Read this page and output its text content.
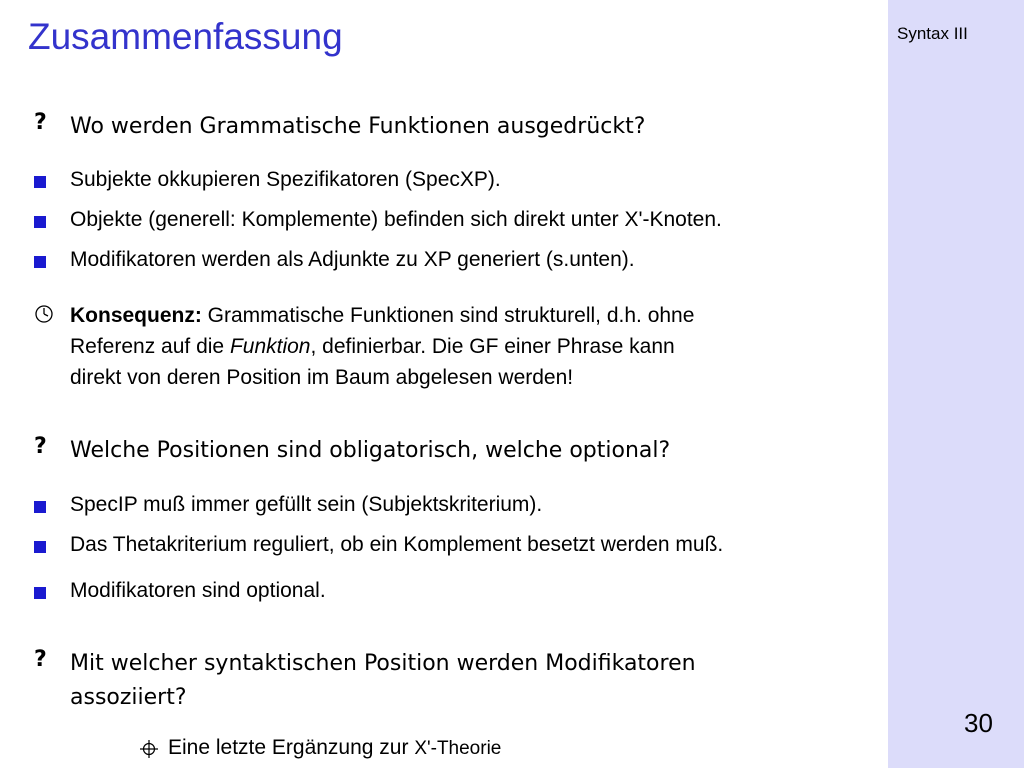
Syntax III
30
Zusammenfassung
? Wo werden Grammatische Funktionen ausgedrückt?
Subjekte okkupieren Spezifikatoren (SpecXP).
Objekte (generell: Komplemente) befinden sich direkt unter X'-Knoten.
Modifikatoren werden als Adjunkte zu XP generiert (s.unten).
Konsequenz: Grammatische Funktionen sind strukturell, d.h. ohne
Referenz auf die Funktion, definierbar. Die GF einer Phrase kann
direkt von deren Position im Baum abgelesen werden!
? Welche Positionen sind obligatorisch, welche optional?
SpecIP muß immer gefüllt sein (Subjektskriterium).
Das Thetakriterium reguliert, ob ein Komplement besetzt werden muß.
Modifikatoren sind optional.
? Mit welcher syntaktischen Position werden Modifikatoren
assoziiert?
Eine letzte Ergänzung zur X'-Theorie
